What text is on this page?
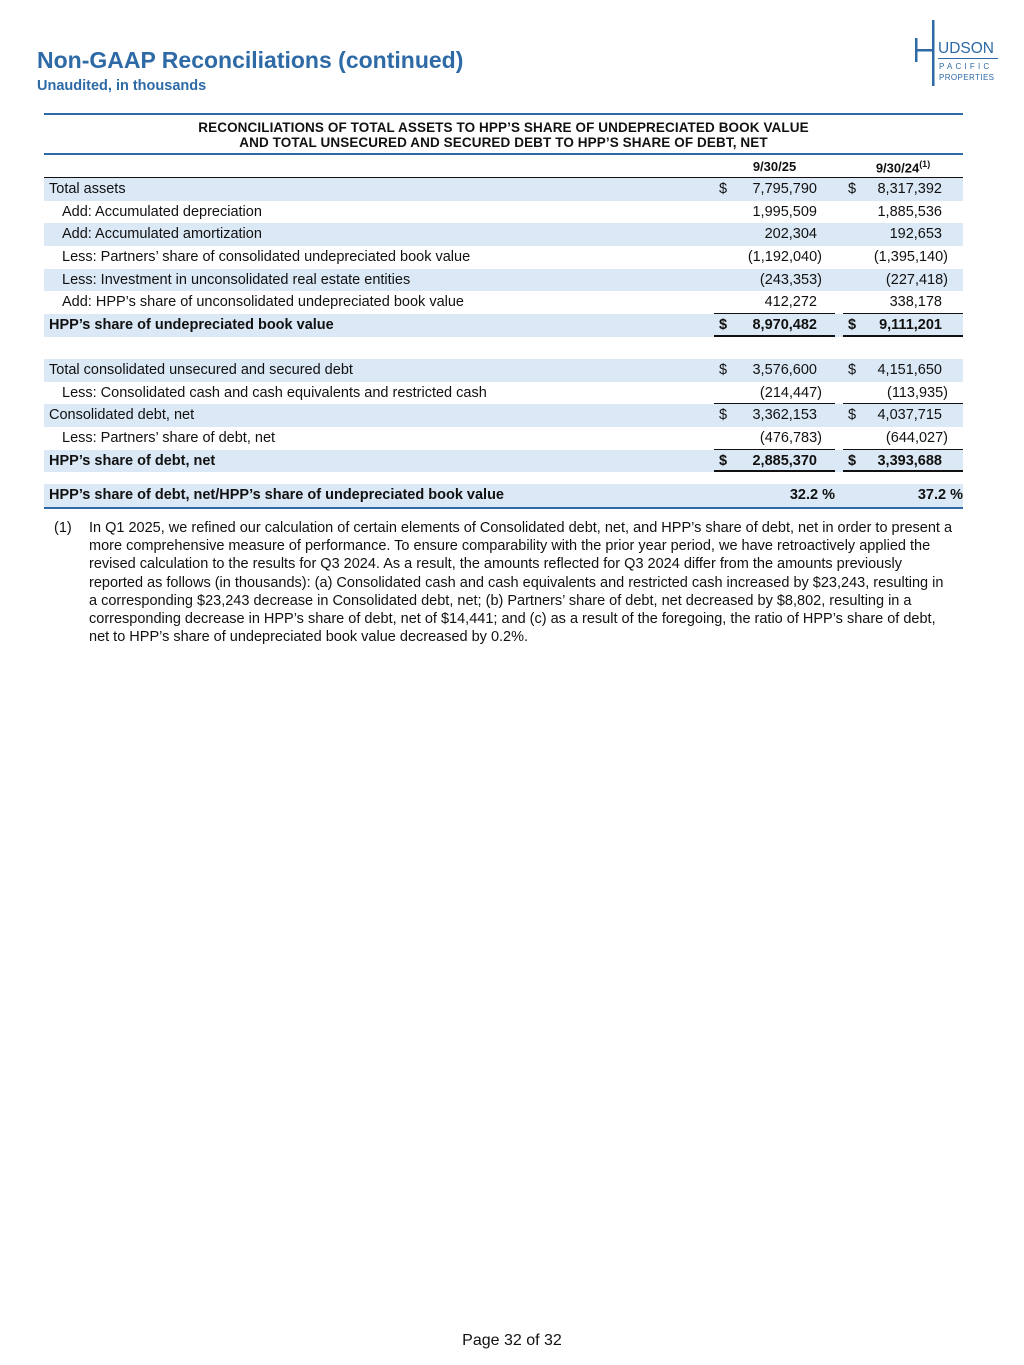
Non-GAAP Reconciliations (continued)
Unaudited, in thousands
UDSON
PACIFIC
PROPERTIES
RECONCILIATIONS OF TOTAL ASSETS TO HPP’S SHARE OF UNDEPRECIATED BOOK VALUE
AND TOTAL UNSECURED AND SECURED DEBT TO HPP’S SHARE OF DEBT, NET
9/30/25	9/30/24$^{(1)}$
Total assets	$ 7,795,790 $ 8,317,392
Add: Accumulated depreciation	1,995,509	1,885,536
Add: Accumulated amortization	202,304	192,653
Less: Partners’ share of consolidated undepreciated book value	(1,192,040)	(1,395,140)
Less: Investment in unconsolidated real estate entities	(243,353)	(227,418)
Add: HPP’s share of unconsolidated undepreciated book value	412,272	338,178
HPP’s share of undepreciated book value	$ 8,970,482 $ 9,111,201
Total consolidated unsecured and secured debt	$ 3,576,600 $ 4,151,650
Less: Consolidated cash and cash equivalents and restricted cash	(214,447)	(113,935)
Consolidated debt, net	$ 3,362,153 $ 4,037,715
Less: Partners’ share of debt, net	(476,783)	(644,027)
HPP’s share of debt, net	$ 2,885,370 $ 3,393,688
HPP’s share of debt, net/HPP’s share of undepreciated book value	32.2 %	37.2 %
(1) In Q1 2025, we refined our calculation of certain elements of Consolidated debt, net, and HPP’s share of debt, net in order to present a more comprehensive measure of performance. To ensure comparability with the prior year period, we have retroactively applied the revised calculation to the results for Q3 2024. As a result, the amounts reflected for Q3 2024 differ from the amounts previously reported as follows (in thousands): (a) Consolidated cash and cash equivalents and restricted cash increased by $23,243, resulting in a corresponding $23,243 decrease in Consolidated debt, net; (b) Partners’ share of debt, net decreased by $8,802, resulting in a corresponding decrease in HPP’s share of debt, net of $14,441; and (c) as a result of the foregoing, the ratio of HPP’s share of debt, net to HPP’s share of undepreciated book value decreased by 0.2%.
Page 32 of 32
